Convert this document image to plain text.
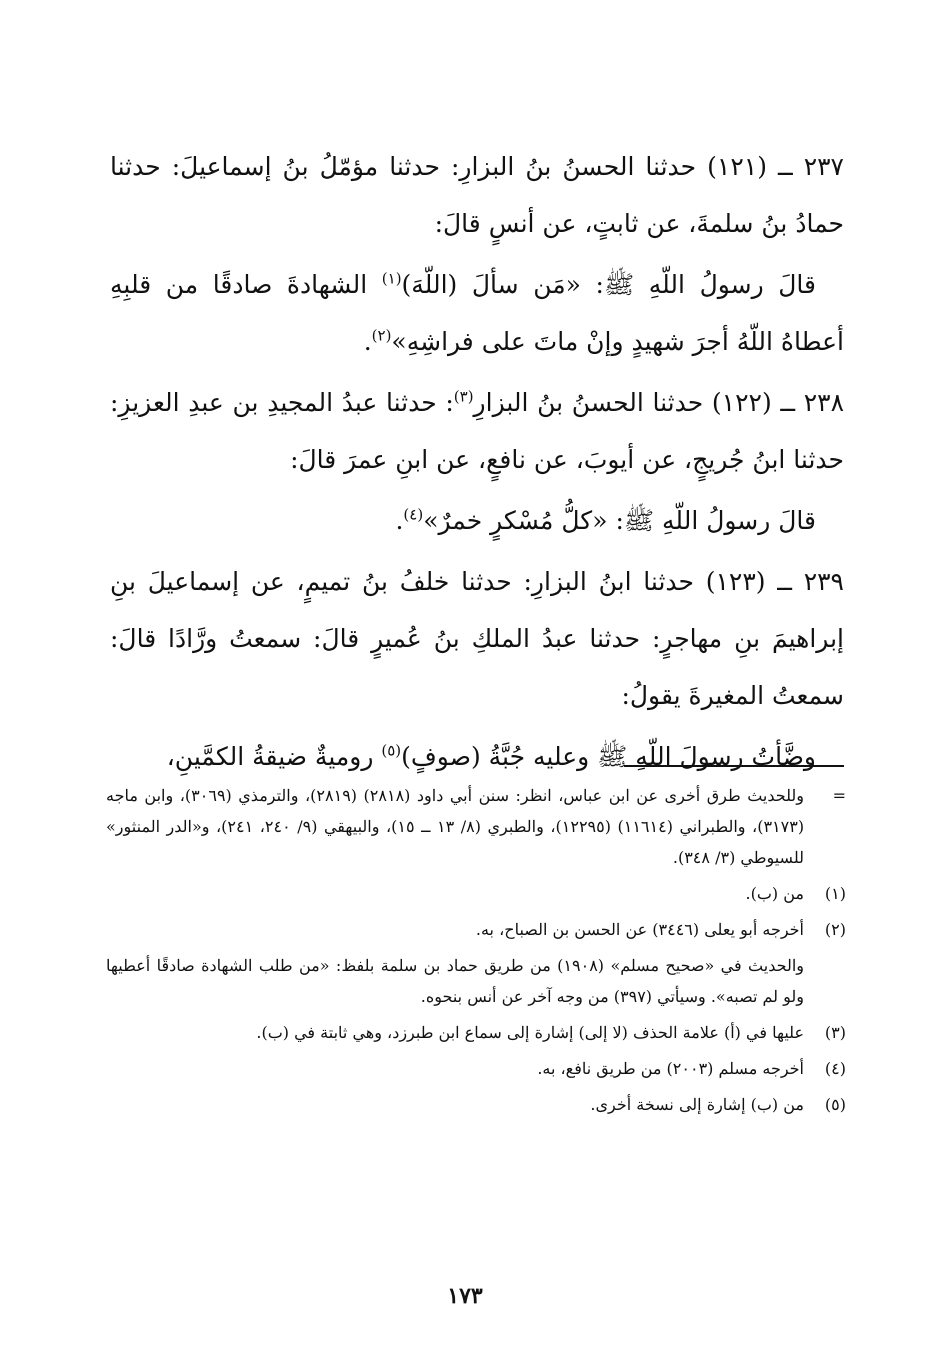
٢٣٧ ــ (١٢١) حدثنا الحسنُ بنُ البزارِ: حدثنا مؤمّلُ بنُ إسماعيلَ: حدثنا حمادُ بنُ سلمةَ، عن ثابتٍ، عن أنسٍ قالَ:

قالَ رسولُ اللّهِ ﷺ: «مَن سألَ (اللّهَ)$^{(١)}$ الشهادةَ صادقًا من قلبِهِ أعطاهُ اللّهُ أجرَ شهيدٍ وإنْ ماتَ على فراشِهِ»$^{(٢)}$.

٢٣٨ ــ (١٢٢) حدثنا الحسنُ بنُ البزارِ$^{(٣)}$: حدثنا عبدُ المجيدِ بن عبدِ العزيزِ: حدثنا ابنُ جُريجٍ، عن أيوبَ، عن نافعٍ، عن ابنِ عمرَ قالَ:

قالَ رسولُ اللّهِ ﷺ: «كلُّ مُسْكرٍ خمرٌ»$^{(٤)}$.

٢٣٩ ــ (١٢٣) حدثنا ابنُ البزارِ: حدثنا خلفُ بنُ تميمٍ، عن إسماعيلَ بنِ إبراهيمَ بنِ مهاجرٍ: حدثنا عبدُ الملكِ بنُ عُميرٍ قالَ: سمعتُ ورَّادًا قالَ: سمعتُ المغيرةَ يقولُ:

وضَّأتُ رسولَ اللّهِ ﷺ وعليه جُبَّةُ (صوفٍ)$^{(٥)}$ روميةٌ ضيقةُ الكمَّينِ،

=
وللحديث طرق أخرى عن ابن عباس، انظر: سنن أبي داود (٢٨١٨) (٢٨١٩)، والترمذي (٣٠٦٩)، وابن ماجه (٣١٧٣)، والطبراني (١١٦١٤) (١٢٢٩٥)، والطبري (٨/ ١٣ ــ ١٥)، والبيهقي (٩/ ٢٤٠، ٢٤١)، و«الدر المنثور» للسيوطي (٣/ ٣٤٨).
(١)
من (ب).
(٢)
أخرجه أبو يعلى (٣٤٤٦) عن الحسن بن الصباح، به.
والحديث في «صحيح مسلم» (١٩٠٨) من طريق حماد بن سلمة بلفظ: «من طلب الشهادة صادقًا أعطيها ولو لم تصبه». وسيأتي (٣٩٧) من وجه آخر عن أنس بنحوه.
(٣)
عليها في (أ) علامة الحذف (لا إلى) إشارة إلى سماع ابن طبرزد، وهي ثابتة في (ب).
(٤)
أخرجه مسلم (٢٠٠٣) من طريق نافع، به.
(٥)
من (ب) إشارة إلى نسخة أخرى.
١٧٣
